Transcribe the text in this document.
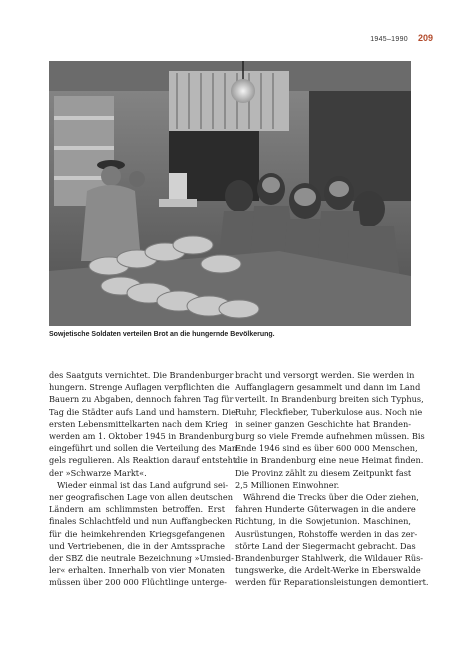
1945–1990 209
Sowjetische Soldaten verteilen Brot an die hungernde Bevölkerung.
des Saatguts vernichtet. Die Brandenburger
hungern. Strenge Auflagen verpflichten die
Bauern zu Abgaben, dennoch fahren Tag für
Tag die Städter aufs Land und hamstern. Die
ersten Lebensmittelkarten nach dem Krieg
werden am 1. Oktober 1945 in Brandenburg
eingeführt und sollen die Verteilung des Man-
gels regulieren. Als Reaktion darauf entsteht
der »Schwarze Markt«.
Wieder einmal ist das Land aufgrund sei-
ner geografischen Lage von allen deutschen
Ländern am schlimmsten betroffen. Erst
finales Schlachtfeld und nun Auffangbecken
für die heimkehrenden Kriegsgefangenen
und Vertriebenen, die in der Amtssprache
der SBZ die neutrale Bezeichnung »Umsied-
ler« erhalten. Innerhalb von vier Monaten
müssen über 200 000 Flüchtlinge unterge-
bracht und versorgt werden. Sie werden in
Auffanglagern gesammelt und dann im Land
verteilt. In Brandenburg breiten sich Typhus,
Ruhr, Fleckfieber, Tuberkulose aus. Noch nie
in seiner ganzen Geschichte hat Branden-
burg so viele Fremde aufnehmen müssen. Bis
Ende 1946 sind es über 600 000 Menschen,
die in Brandenburg eine neue Heimat finden.
Die Provinz zählt zu diesem Zeitpunkt fast
2,5 Millionen Einwohner.
Während die Trecks über die Oder ziehen,
fahren Hunderte Güterwagen in die andere
Richtung, in die Sowjetunion. Maschinen,
Ausrüstungen, Rohstoffe werden in das zer-
störte Land der Siegermacht gebracht. Das
Brandenburger Stahlwerk, die Wildauer Rüs-
tungswerke, die Ardelt-Werke in Eberswalde
werden für Reparationsleistungen demontiert.
